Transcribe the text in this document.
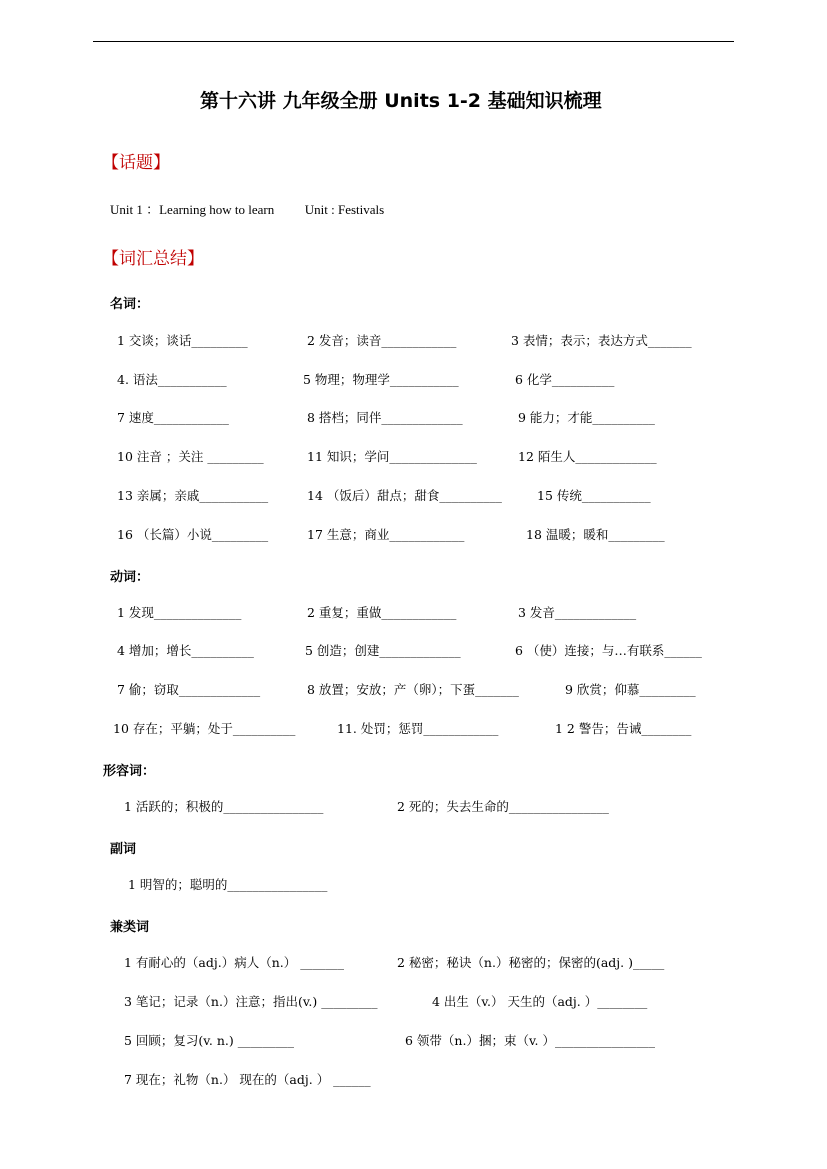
第十六讲 九年级全册 Units 1-2 基础知识梳理
【话题】
Unit 1 ：Learning how to learn Unit : Festivals
【词汇总结】
名词：
1 交谈；谈话_________	2 发音；读音____________	3 表情；表示；表达方式_______
4. 语法___________	5 物理；物理学___________	6 化学__________
7 速度____________	8 搭档；同伴_____________	9 能力；才能__________
10 注音 ；关注 _________	11 知识；学问______________	12 陌生人_____________
13 亲属；亲戚___________	14 （饭后）甜点；甜食__________	15 传统___________
16 （长篇）小说_________	17 生意；商业____________	18 温暖；暖和_________
动词：
1 发现______________	2 重复；重做____________	3 发音_____________
4 增加；增长__________	5 创造；创建_____________	6 （使）连接；与…有联系______
7 偷；窃取_____________	8 放置；安放；产（卵）；下蛋_______	9 欣赏；仰慕_________
10 存在；平躺；处于__________	11. 处罚；惩罚____________	1 2 警告；告诫________
形容词：
1 活跃的；积极的________________	2 死的；失去生命的________________
副词
1 明智的；聪明的________________
兼类词
1 有耐心的（adj.）病人（n.） _______	2 秘密；秘诀（n.）秘密的；保密的(adj. )_____
3 笔记；记录（n.）注意；指出(v.) _________	4 出生（v.） 天生的（adj. ）________
5 回顾；复习(v. n.) _________	6 领带（n.）捆；束（v. ）________________
7 现在；礼物（n.） 现在的（adj. ） ______
